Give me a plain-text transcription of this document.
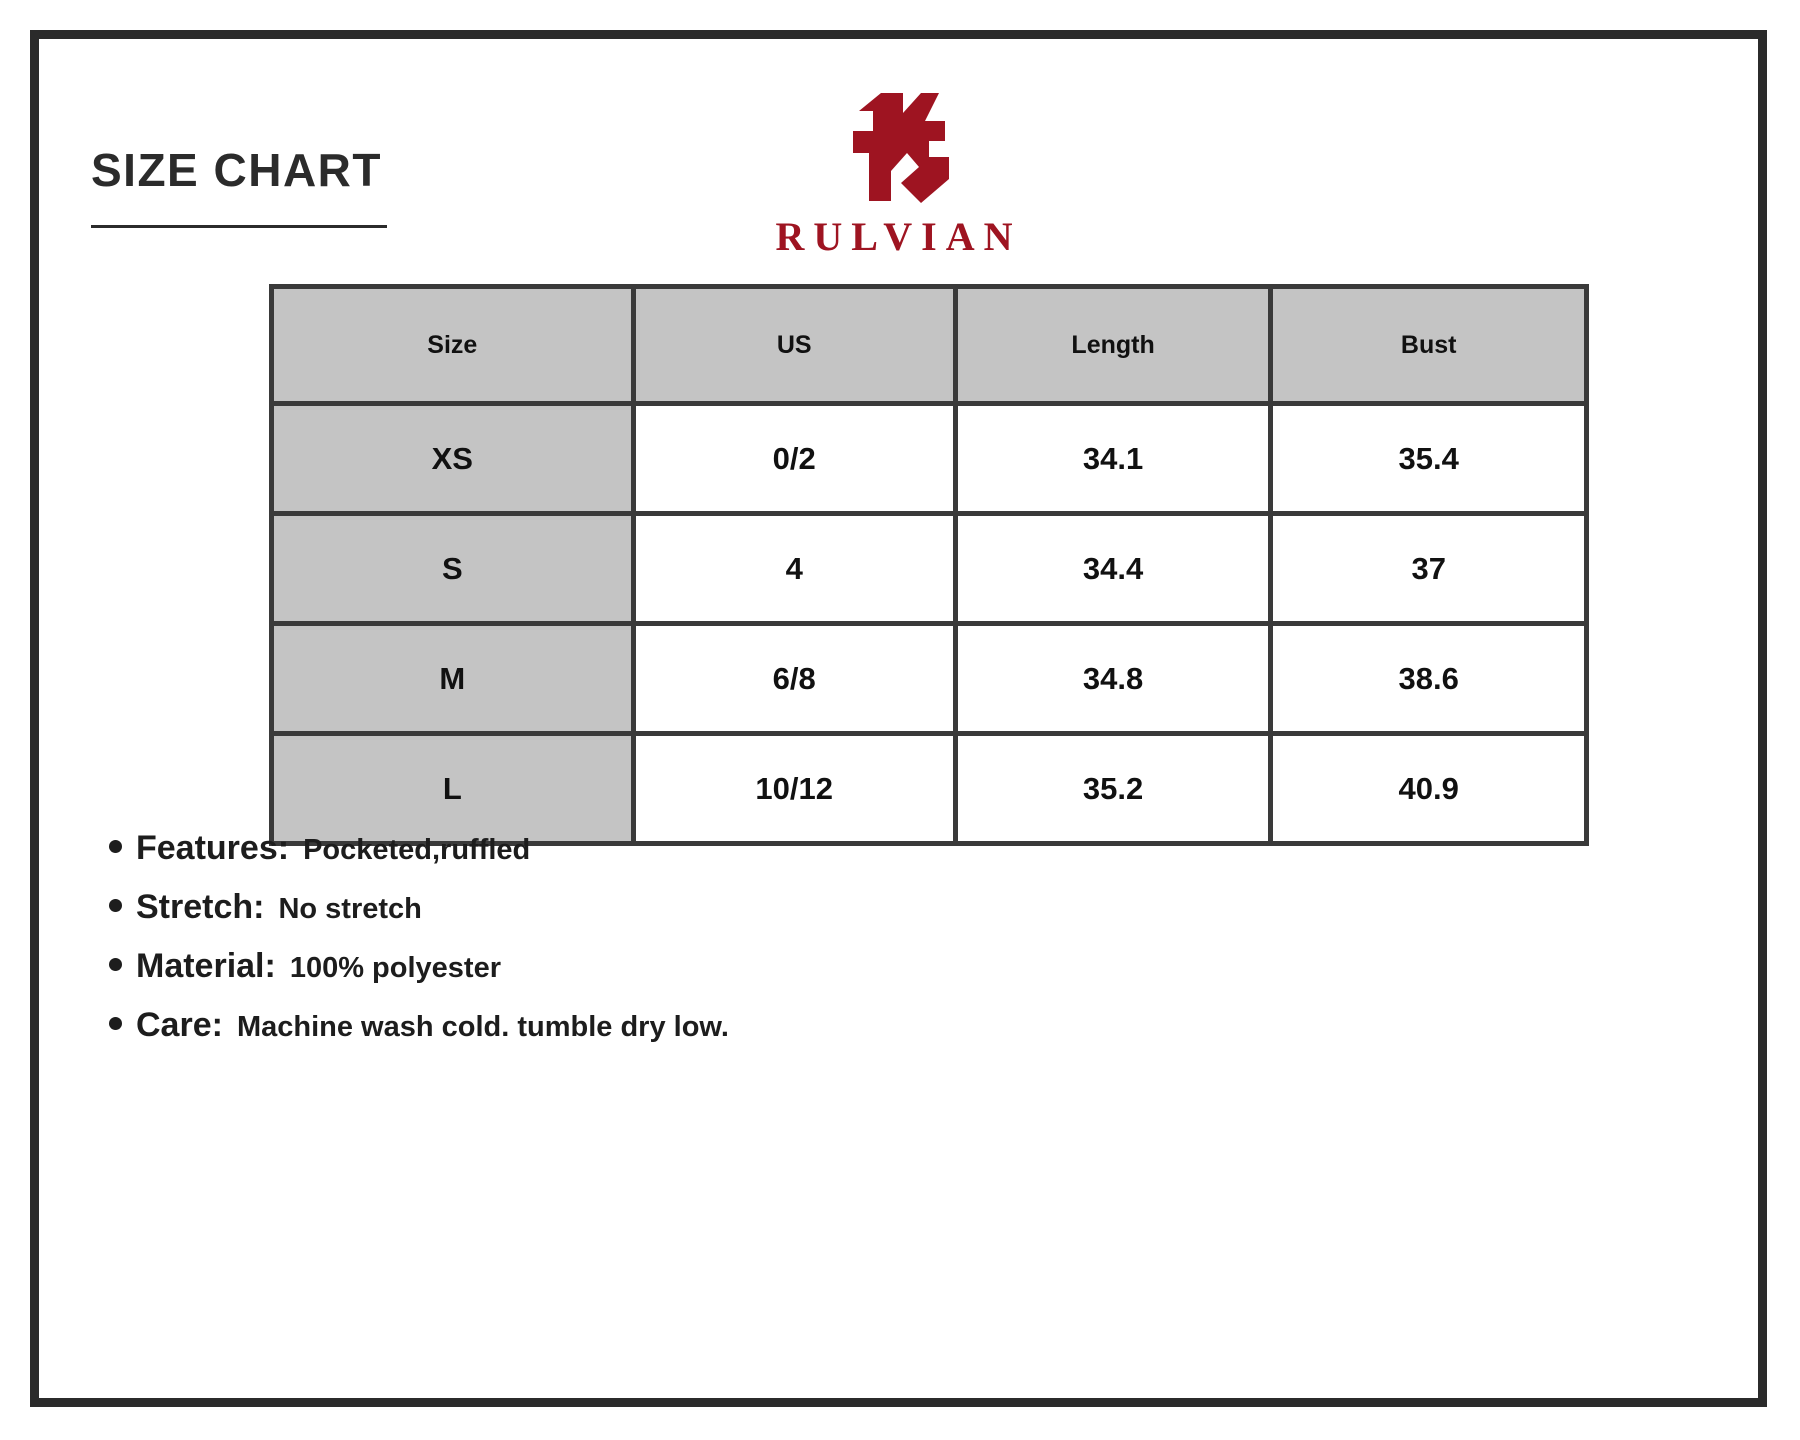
SIZE CHART
RULVIAN
Size	US	Length	Bust
XS	0/2	34.1	35.4
S	4	34.4	37
M	6/8	34.8	38.6
L	10/12	35.2	40.9
Features: Pocketed,ruffled
Stretch: No stretch
Material: 100% polyester
Care: Machine wash cold. tumble dry low.
